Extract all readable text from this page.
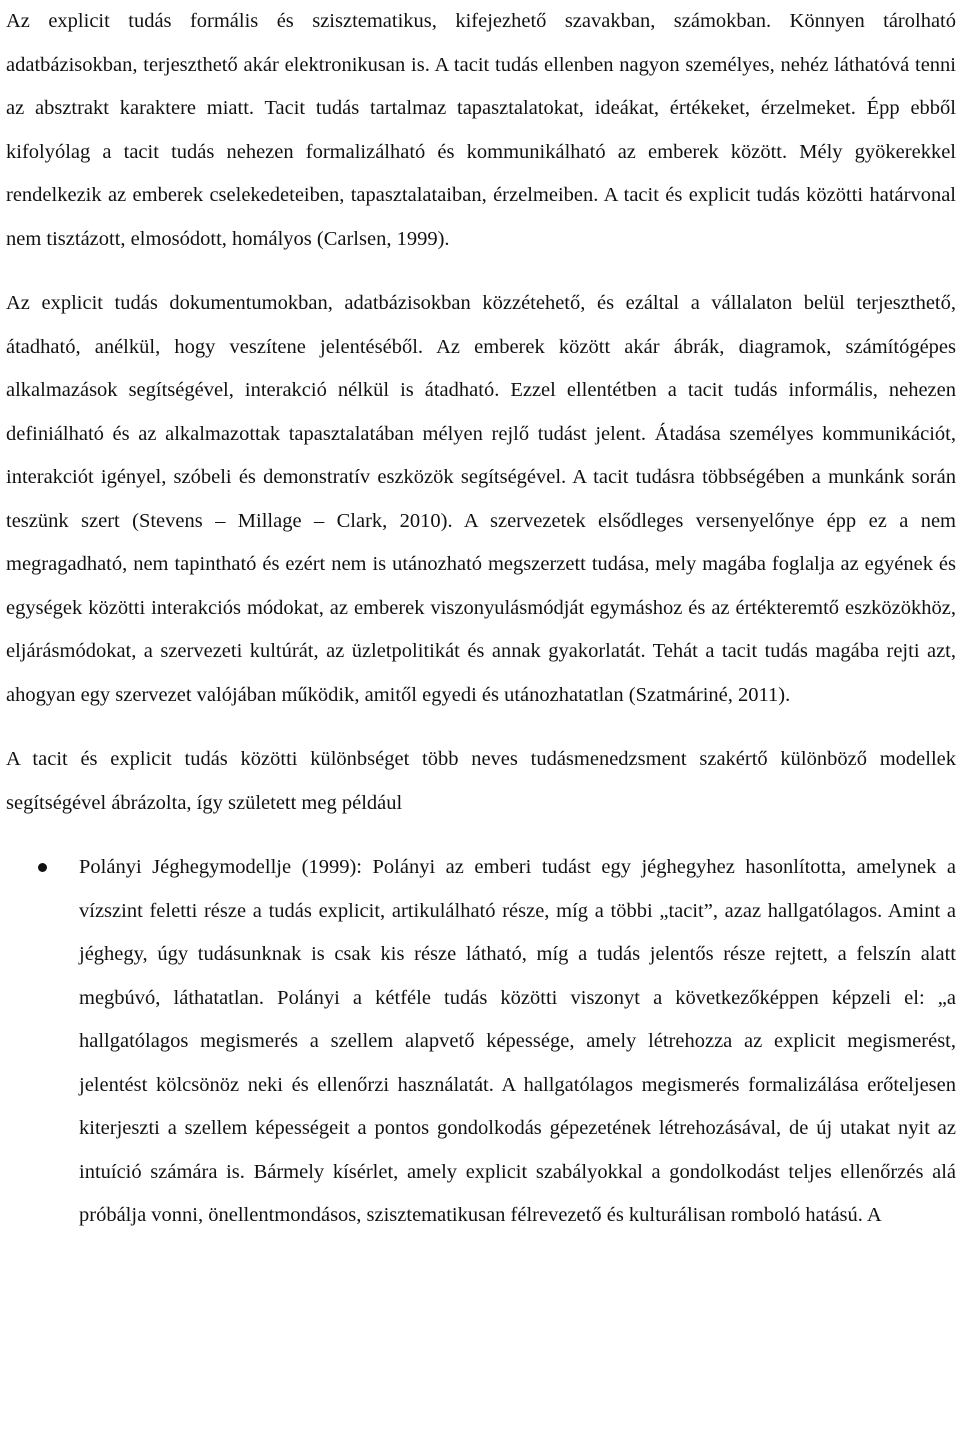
Az explicit tudás formális és szisztematikus, kifejezhető szavakban, számokban. Könnyen tárolható adatbázisokban, terjeszthető akár elektronikusan is. A tacit tudás ellenben nagyon személyes, nehéz láthatóvá tenni az absztrakt karaktere miatt. Tacit tudás tartalmaz tapasztalatokat, ideákat, értékeket, érzelmeket. Épp ebből kifolyólag a tacit tudás nehezen formalizálható és kommunikálható az emberek között. Mély gyökerekkel rendelkezik az emberek cselekedeteiben, tapasztalataiban, érzelmeiben. A tacit és explicit tudás közötti határvonal nem tisztázott, elmosódott, homályos (Carlsen, 1999).

Az explicit tudás dokumentumokban, adatbázisokban közzétehető, és ezáltal a vállalaton belül terjeszthető, átadható, anélkül, hogy veszítene jelentéséből. Az emberek között akár ábrák, diagramok, számítógépes alkalmazások segítségével, interakció nélkül is átadható. Ezzel ellentétben a tacit tudás informális, nehezen definiálható és az alkalmazottak tapasztalatában mélyen rejlő tudást jelent. Átadása személyes kommunikációt, interakciót igényel, szóbeli és demonstratív eszközök segítségével. A tacit tudásra többségében a munkánk során teszünk szert (Stevens – Millage – Clark, 2010). A szervezetek elsődleges versenyelőnye épp ez a nem megragadható, nem tapintható és ezért nem is utánozható megszerzett tudása, mely magába foglalja az egyének és egységek közötti interakciós módokat, az emberek viszonyulásmódját egymáshoz és az értékteremtő eszközökhöz, eljárásmódokat, a szervezeti kultúrát, az üzletpolitikát és annak gyakorlatát. Tehát a tacit tudás magába rejti azt, ahogyan egy szervezet valójában működik, amitől egyedi és utánozhatatlan (Szatmáriné, 2011).

A tacit és explicit tudás közötti különbséget több neves tudásmenedzsment szakértő különböző modellek segítségével ábrázolta, így született meg például

Polányi Jéghegymodellje (1999): Polányi az emberi tudást egy jéghegyhez hasonlította, amelynek a vízszint feletti része a tudás explicit, artikulálható része, míg a többi „tacit”, azaz hallgatólagos. Amint a jéghegy, úgy tudásunknak is csak kis része látható, míg a tudás jelentős része rejtett, a felszín alatt megbúvó, láthatatlan. Polányi a kétféle tudás közötti viszonyt a következőképpen képzeli el: „a hallgatólagos megismerés a szellem alapvető képessége, amely létrehozza az explicit megismerést, jelentést kölcsönöz neki és ellenőrzi használatát. A hallgatólagos megismerés formalizálása erőteljesen kiterjeszti a szellem képességeit a pontos gondolkodás gépezetének létrehozásával, de új utakat nyit az intuíció számára is. Bármely kísérlet, amely explicit szabályokkal a gondolkodást teljes ellenőrzés alá próbálja vonni, önellentmondásos, szisztematikusan félrevezető és kulturálisan romboló hatású. A
